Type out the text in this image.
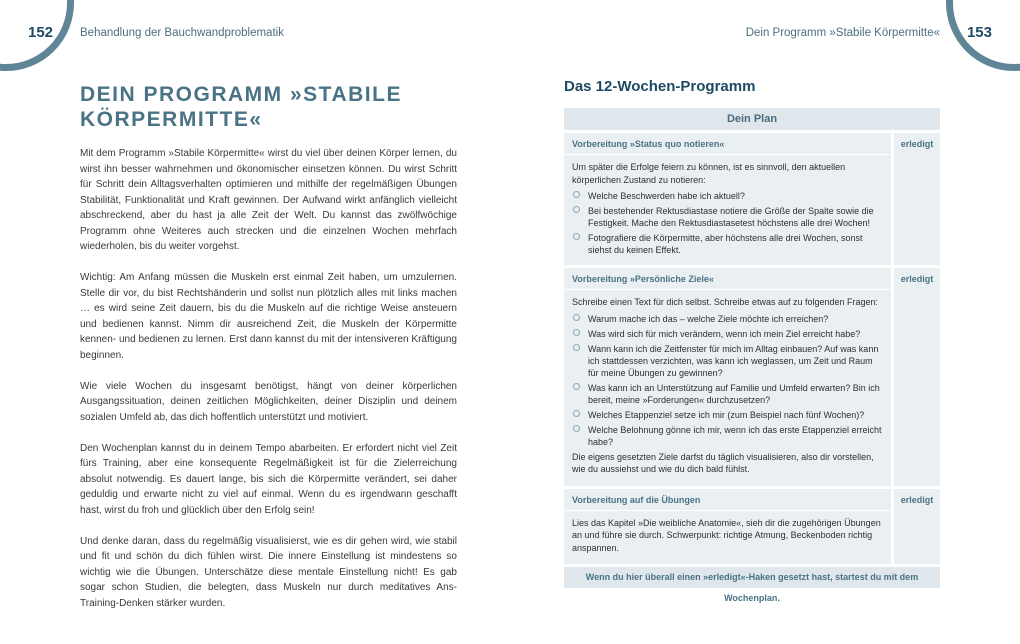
152	153
Behandlung der Bauchwandproblematik	Dein Programm »Stabile Körpermitte«
DEIN PROGRAMM »STABILE KÖRPERMITTE«

Mit dem Programm »Stabile Körpermitte« wirst du viel über deinen Körper lernen, du wirst ihn besser wahrnehmen und ökonomischer einsetzen können. Du wirst Schritt für Schritt dein Alltagsverhalten optimieren und mithilfe der regelmäßigen Übungen Stabilität, Funktionalität und Kraft gewinnen. Der Aufwand wirkt anfänglich vielleicht abschreckend, aber du hast ja alle Zeit der Welt. Du kannst das zwölfwöchige Programm ohne Weiteres auch strecken und die einzelnen Wochen mehrfach wiederholen, bis du weiter vorgehst.

Wichtig: Am Anfang müssen die Muskeln erst einmal Zeit haben, um umzulernen. Stelle dir vor, du bist Rechtshänderin und sollst nun plötzlich alles mit links machen … es wird seine Zeit dauern, bis du die Muskeln auf die richtige Weise ansteuern und bedienen kannst. Nimm dir ausreichend Zeit, die Muskeln der Körpermitte kennen- und bedienen zu lernen. Erst dann kannst du mit der intensiveren Kräftigung beginnen.

Wie viele Wochen du insgesamt benötigst, hängt von deiner körperlichen Ausgangssituation, deinen zeitlichen Möglichkeiten, deiner Disziplin und deinem sozialen Umfeld ab, das dich hoffentlich unterstützt und motiviert.

Den Wochenplan kannst du in deinem Tempo abarbeiten. Er erfordert nicht viel Zeit fürs Training, aber eine konsequente Regelmäßigkeit ist für die Zielerreichung absolut notwendig. Es dauert lange, bis sich die Körpermitte verändert, sei daher geduldig und erwarte nicht zu viel auf einmal. Wenn du es irgendwann geschafft hast, wirst du froh und glücklich über den Erfolg sein!

Und denke daran, dass du regelmäßig visualisierst, wie es dir gehen wird, wie stabil und fit und schön du dich fühlen wirst. Die innere Einstellung ist mindestens so wichtig wie die Übungen. Unterschätze diese mentale Einstellung nicht! Es gab sogar schon Studien, die belegten, dass Muskeln nur durch meditatives Ans-Training-Denken stärker wurden.

Das 12-Wochen-Programm
Dein Plan
Vorbereitung »Status quo notieren«
Um später die Erfolge feiern zu können, ist es sinnvoll, den aktuellen körperlichen Zustand zu notieren:
Welche Beschwerden habe ich aktuell?
Bei bestehender Rektusdiastase notiere die Größe der Spalte sowie die Festigkeit. Mache den Rektusdiastasetest höchstens alle drei Wochen!
Fotografiere die Körpermitte, aber höchstens alle drei Wochen, sonst siehst du keinen Effekt.
erledigt
Vorbereitung »Persönliche Ziele«
Schreibe einen Text für dich selbst. Schreibe etwas auf zu folgenden Fragen:
Warum mache ich das – welche Ziele möchte ich erreichen?
Was wird sich für mich verändern, wenn ich mein Ziel erreicht habe?
Wann kann ich die Zeitfenster für mich im Alltag einbauen? Auf was kann ich stattdessen verzichten, was kann ich weglassen, um Zeit und Raum für meine Übungen zu gewinnen?
Was kann ich an Unterstützung auf Familie und Umfeld erwarten? Bin ich bereit, meine »Forderungen« durchzusetzen?
Welches Etappenziel setze ich mir (zum Beispiel nach fünf Wochen)?
Welche Belohnung gönne ich mir, wenn ich das erste Etappenziel erreicht habe?
Die eigens gesetzten Ziele darfst du täglich visualisieren, also dir vorstellen, wie du aussiehst und wie du dich bald fühlst.
erledigt
Vorbereitung auf die Übungen
Lies das Kapitel »Die weibliche Anatomie«, sieh dir die zugehörigen Übungen an und führe sie durch. Schwerpunkt: richtige Atmung, Beckenboden richtig anspannen.
erledigt
Wenn du hier überall einen »erledigt«-Haken gesetzt hast, startest du mit dem Wochenplan.
